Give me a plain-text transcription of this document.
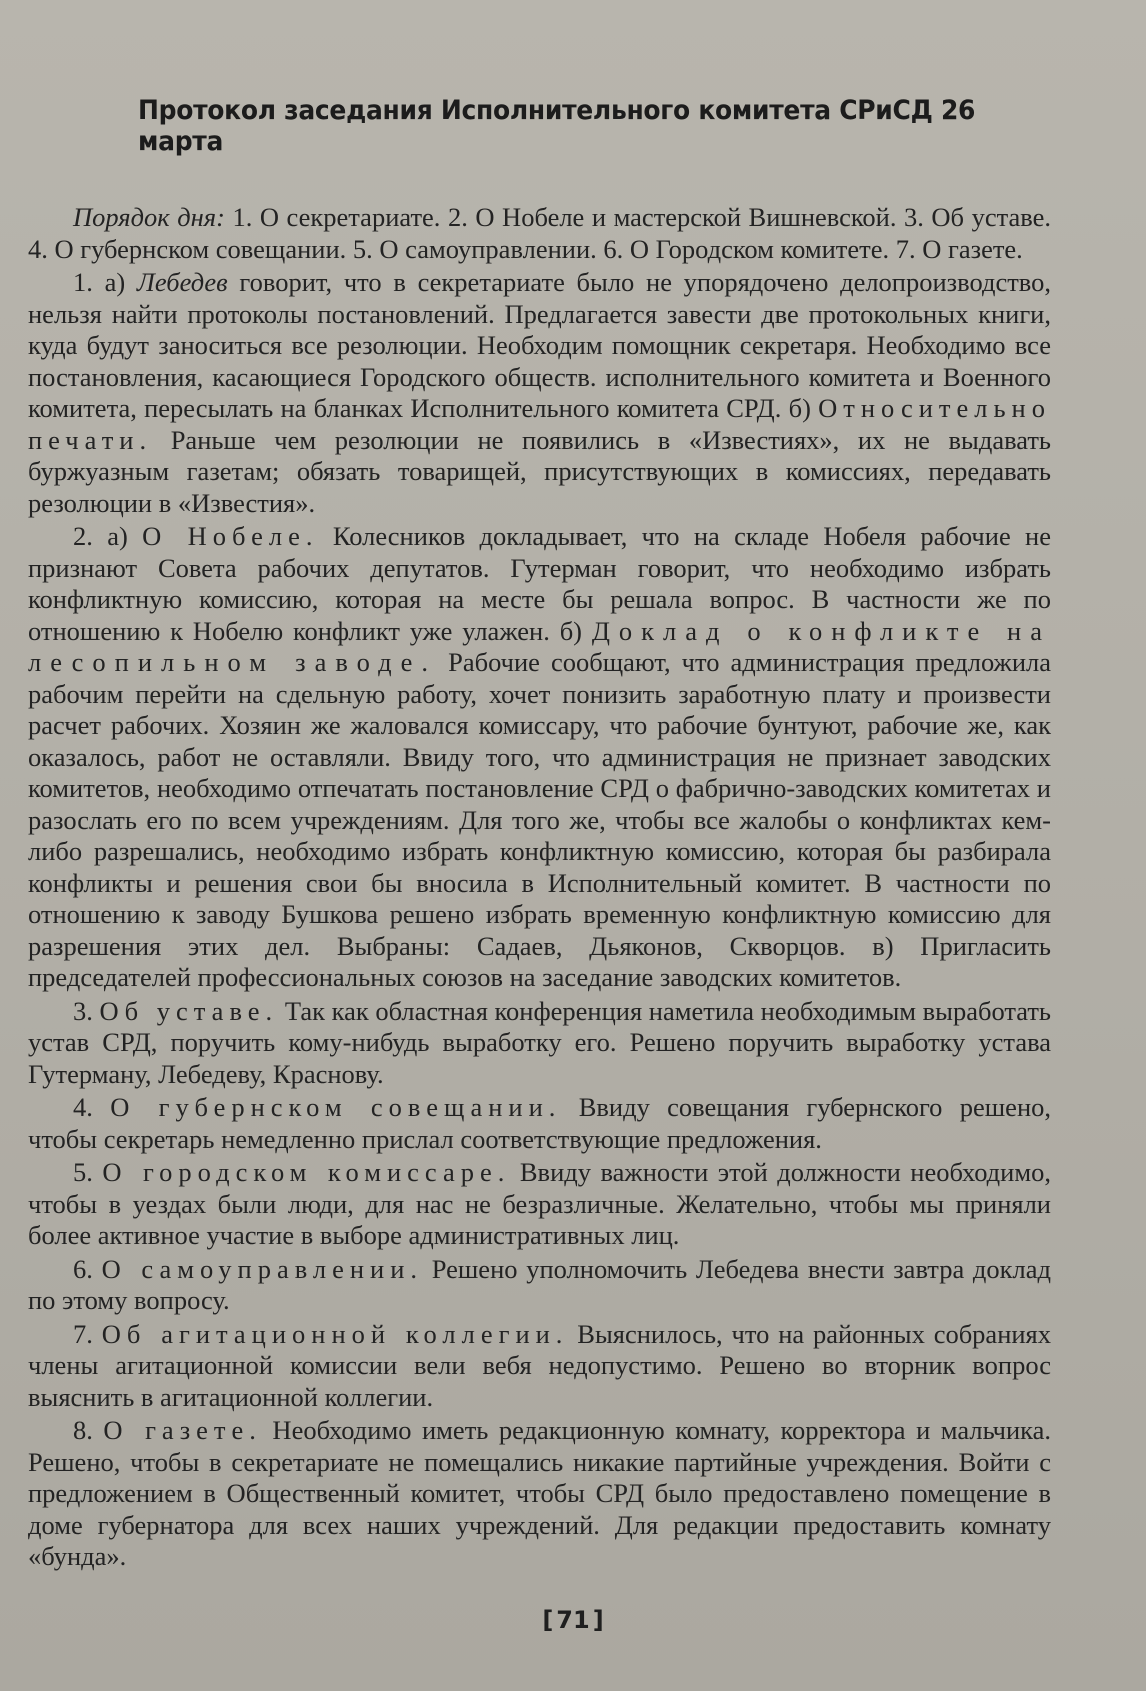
Протокол заседания Исполнительного комитета СРиСД 26 марта

Порядок дня: 1. О секретариате. 2. О Нобеле и мастерской Вишневской. 3. Об уставе. 4. О губернском совещании. 5. О самоуправлении. 6. О Городском комитете. 7. О газете.

1. а) Лебедев говорит, что в секретариате было не упорядочено делопроизводство, нельзя найти протоколы постановлений. Предлагается завести две протокольных книги, куда будут заноситься все резолюции. Необходим помощник секретаря. Необходимо все постановления, касающиеся Городского обществ. исполнительного комитета и Военного комитета, пересылать на бланках Исполнительного комитета СРД. б) Относительно печати. Раньше чем резолюции не появились в «Известиях», их не выдавать буржуазным газетам; обязать товарищей, присутствующих в комиссиях, передавать резолюции в «Известия».

2. а) О Нобеле. Колесников докладывает, что на складе Нобеля рабочие не признают Совета рабочих депутатов. Гутерман говорит, что необходимо избрать конфликтную комиссию, которая на месте бы решала вопрос. В частности же по отношению к Нобелю конфликт уже улажен. б) Доклад о конфликте на лесопильном заводе. Рабочие сообщают, что администрация предложила рабочим перейти на сдельную работу, хочет понизить заработную плату и произвести расчет рабочих. Хозяин же жаловался комиссару, что рабочие бунтуют, рабочие же, как оказалось, работ не оставляли. Ввиду того, что администрация не признает заводских комитетов, необходимо отпечатать постановление СРД о фабрично-заводских комитетах и разослать его по всем учреждениям. Для того же, чтобы все жалобы о конфликтах кем-либо разрешались, необходимо избрать конфликтную комиссию, которая бы разбирала конфликты и решения свои бы вносила в Исполнительный комитет. В частности по отношению к заводу Бушкова решено избрать временную конфликтную комиссию для разрешения этих дел. Выбраны: Садаев, Дьяконов, Скворцов. в) Пригласить председателей профессиональных союзов на заседание заводских комитетов.

3. Об уставе. Так как областная конференция наметила необходимым выработать устав СРД, поручить кому-нибудь выработку его. Решено поручить выработку устава Гутерману, Лебедеву, Краснову.

4. О губернском совещании. Ввиду совещания губернского решено, чтобы секретарь немедленно прислал соответствующие предложения.

5. О городском комиссаре. Ввиду важности этой должности необходимо, чтобы в уездах были люди, для нас не безразличные. Желательно, чтобы мы приняли более активное участие в выборе административных лиц.

6. О самоуправлении. Решено уполномочить Лебедева внести завтра доклад по этому вопросу.

7. Об агитационной коллегии. Выяснилось, что на районных собраниях члены агитационной комиссии вели вебя недопустимо. Решено во вторник вопрос выяснить в агитационной коллегии.

8. О газете. Необходимо иметь редакционную комнату, корректора и мальчика. Решено, чтобы в секретариате не помещались никакие партийные учреждения. Войти с предложением в Общественный комитет, чтобы СРД было предоставлено помещение в доме губернатора для всех наших учреждений. Для редакции предоставить комнату «бунда».

[ 71 ]
